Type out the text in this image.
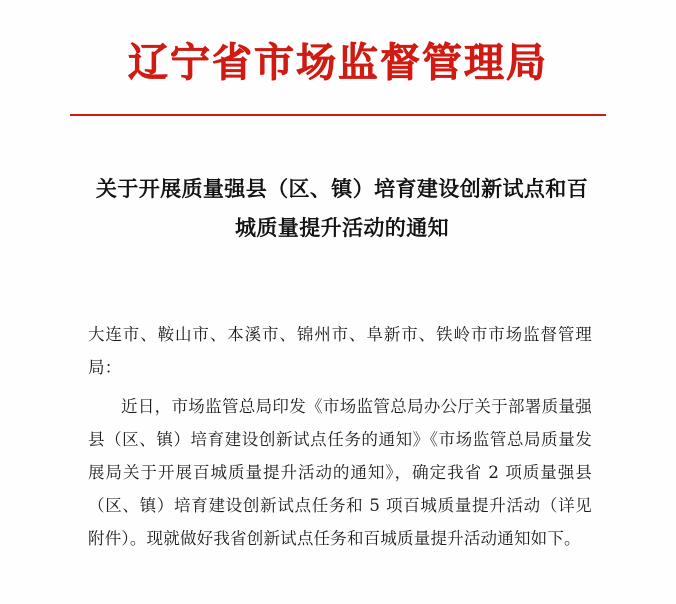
辽宁省市场监督管理局
关于开展质量强县（区、镇）培育建设创新试点和百城质量提升活动的通知

大连市、鞍山市、本溪市、锦州市、阜新市、铁岭市市场监督管理局：

近日，市场监管总局印发《市场监管总局办公厅关于部署质量强县（区、镇）培育建设创新试点任务的通知》《市场监管总局质量发展局关于开展百城质量提升活动的通知》，确定我省 2 项质量强县（区、镇）培育建设创新试点任务和 5 项百城质量提升活动（详见附件）。现就做好我省创新试点任务和百城质量提升活动通知如下。
